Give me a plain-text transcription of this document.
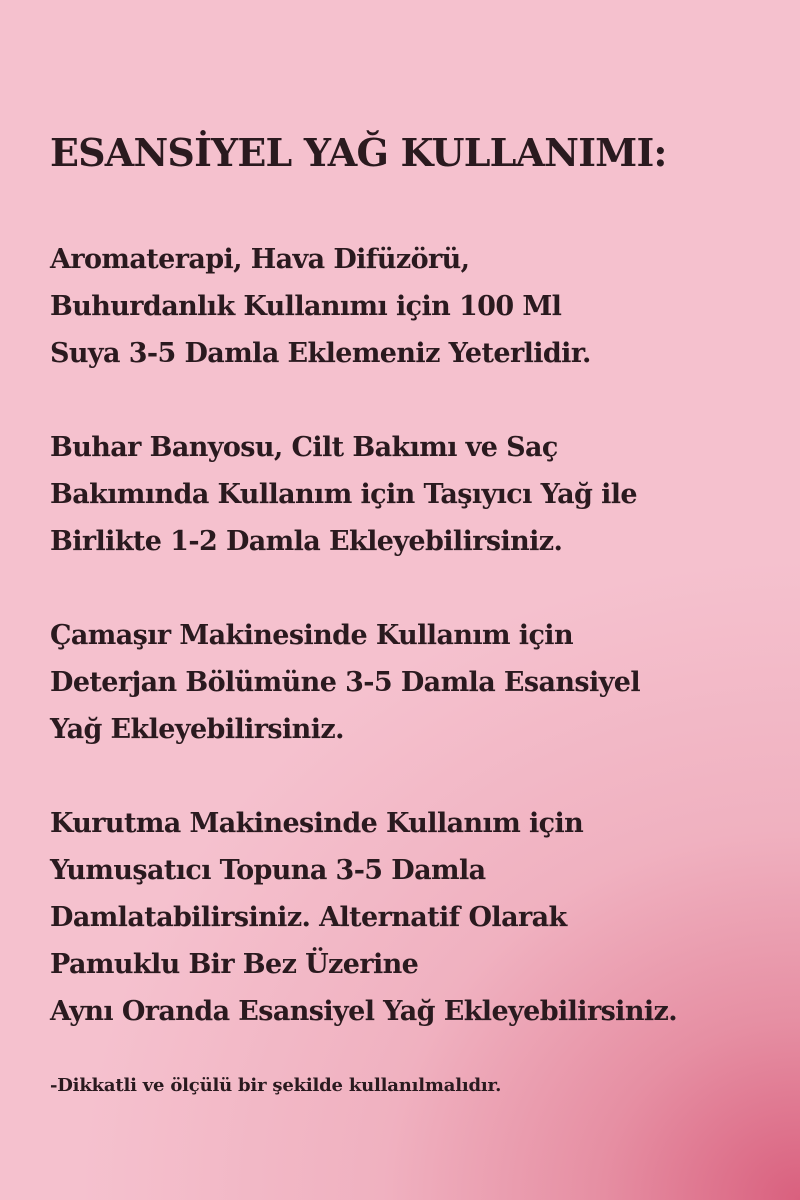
ESANSİYEL YAĞ KULLANIMI:
Aromaterapi, Hava Difüzörü,
Buhurdanlık Kullanımı için 100 Ml
Suya 3-5 Damla Eklemeniz Yeterlidir.
Buhar Banyosu, Cilt Bakımı ve Saç
Bakımında Kullanım için Taşıyıcı Yağ ile
Birlikte 1-2 Damla Ekleyebilirsiniz.
Çamaşır Makinesinde Kullanım için
Deterjan Bölümüne 3-5 Damla Esansiyel
Yağ Ekleyebilirsiniz.
Kurutma Makinesinde Kullanım için
Yumuşatıcı Topuna 3-5 Damla
Damlatabilirsiniz. Alternatif Olarak
Pamuklu Bir Bez Üzerine
Aynı Oranda Esansiyel Yağ Ekleyebilirsiniz.
-Dikkatli ve ölçülü bir şekilde kullanılmalıdır.
